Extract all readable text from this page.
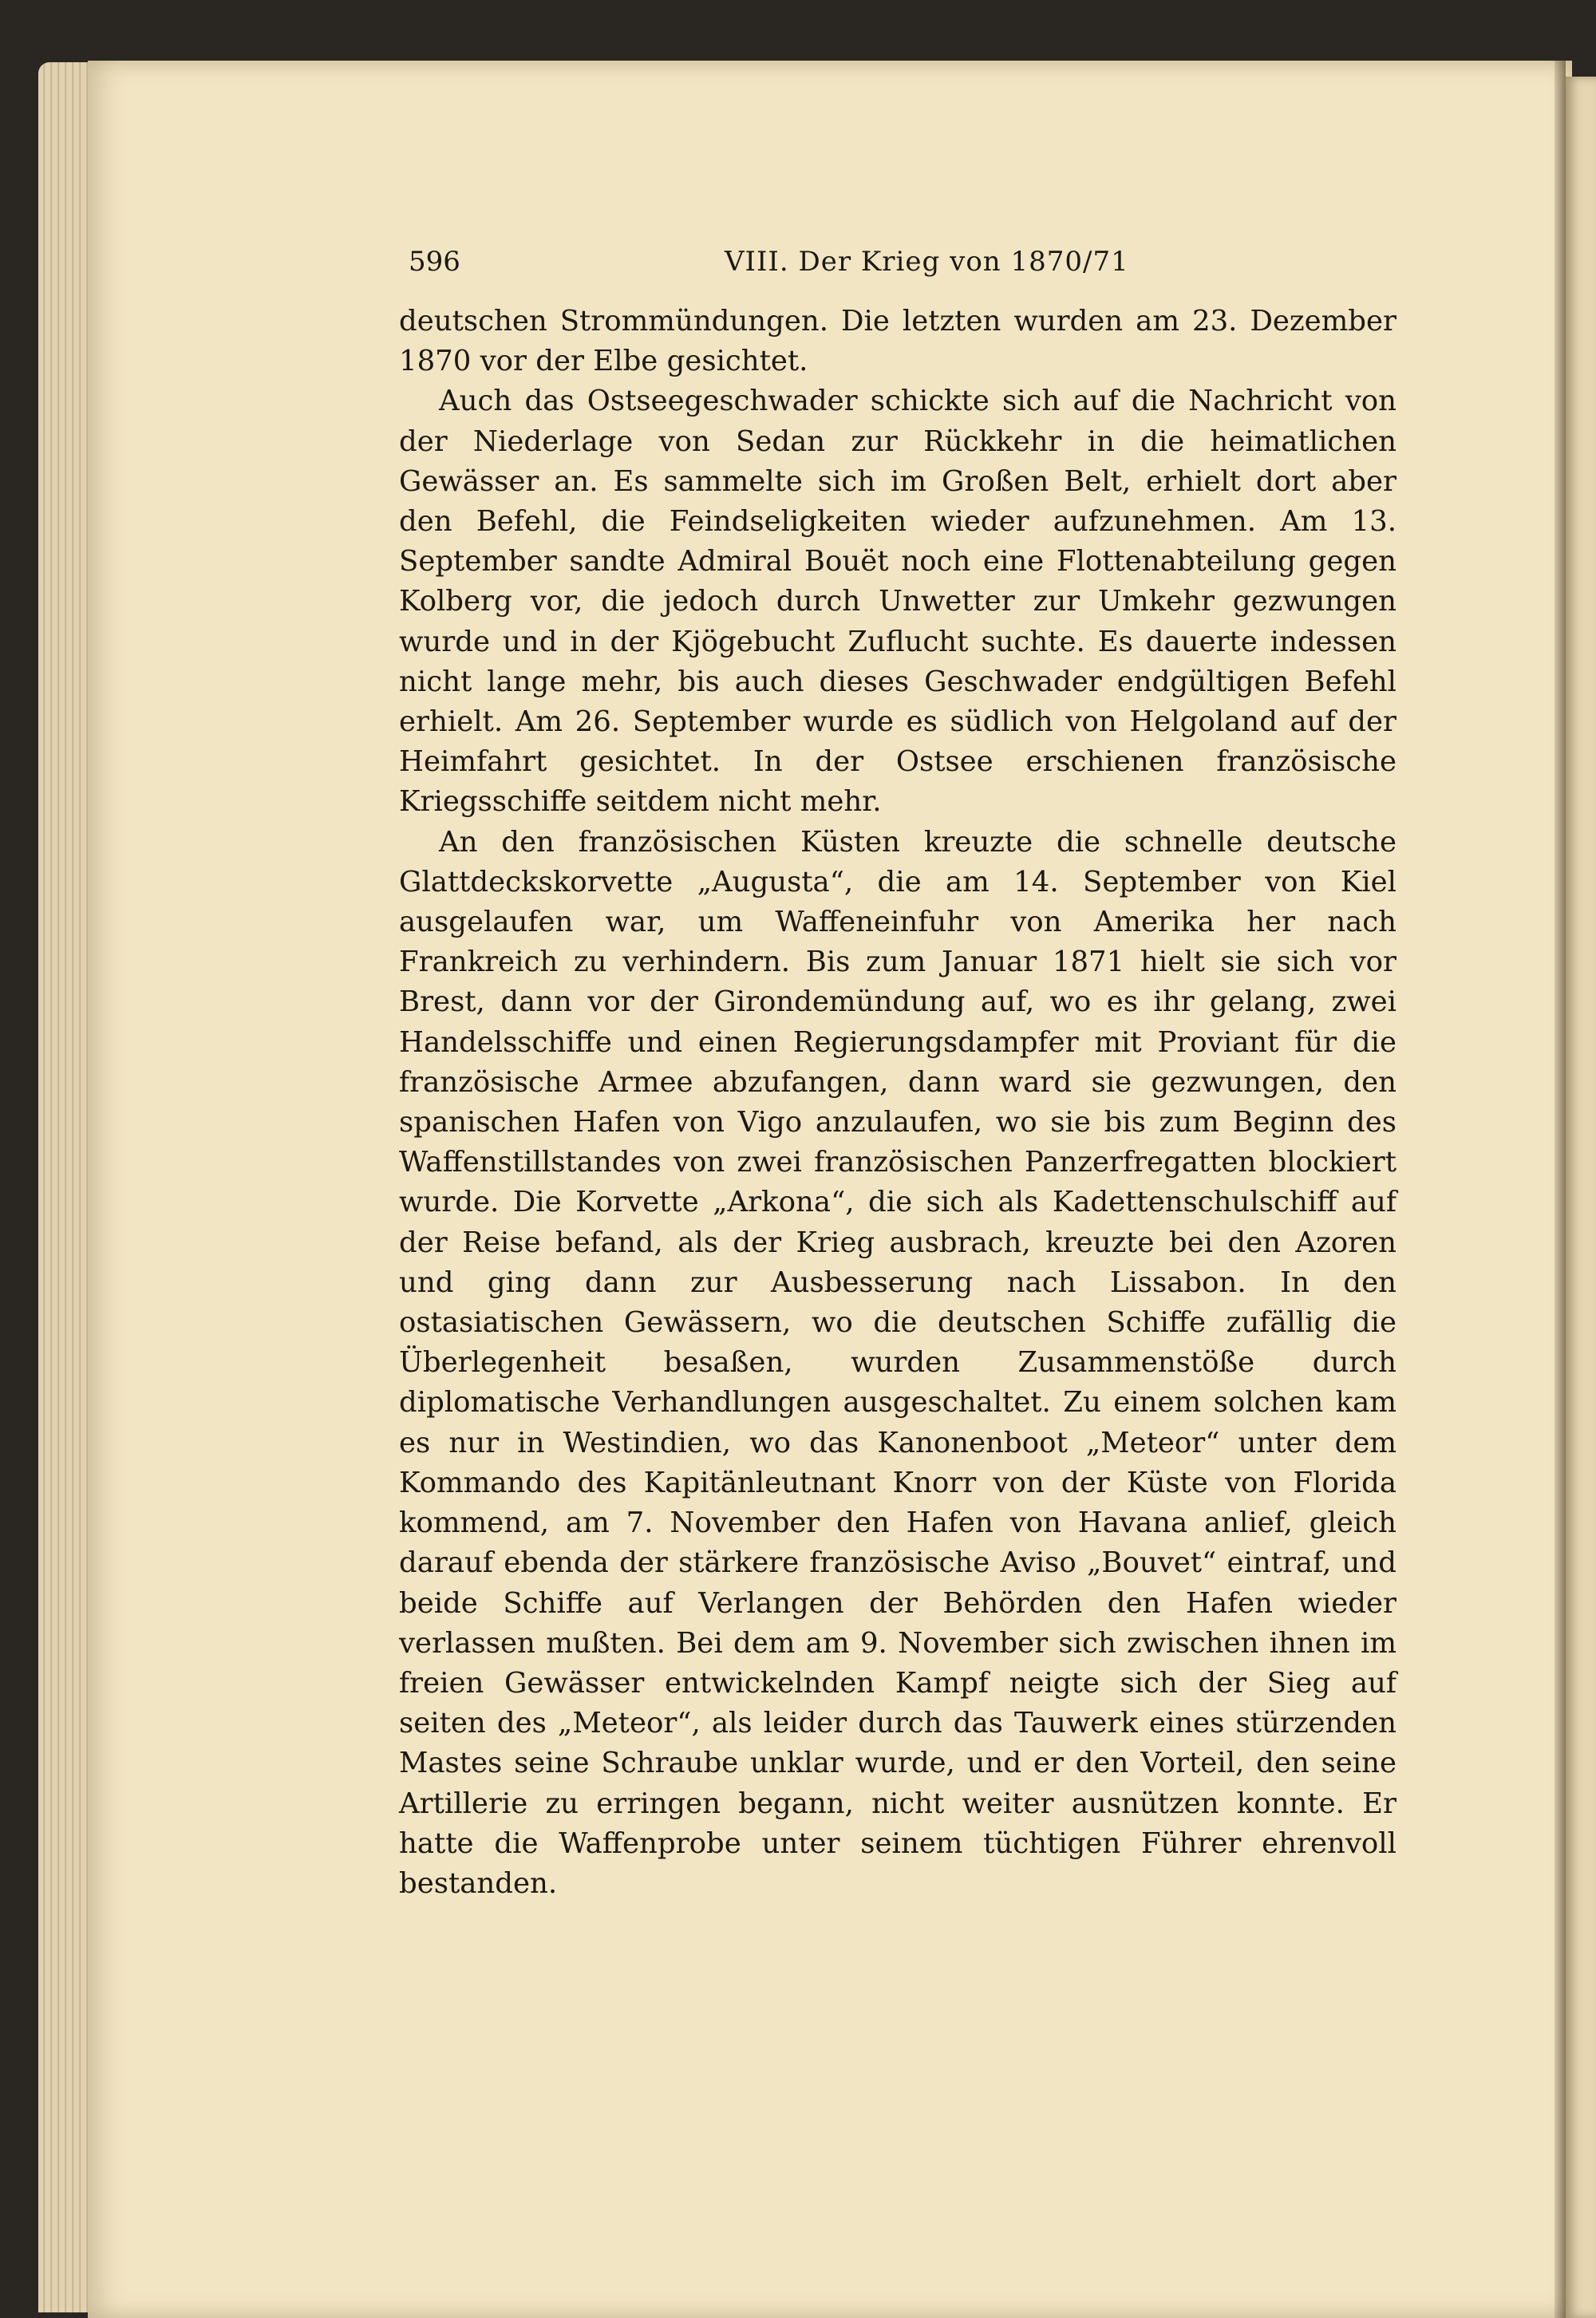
596	VIII. Der Krieg von 1870/71

deutschen Strommündungen. Die letzten wurden am 23. Dezember 1870 vor der Elbe gesichtet.

Auch das Ostseegeschwader schickte sich auf die Nachricht von der Niederlage von Sedan zur Rückkehr in die heimatlichen Gewässer an. Es sammelte sich im Großen Belt, erhielt dort aber den Befehl, die Feindseligkeiten wieder aufzunehmen. Am 13. September sandte Admiral Bouët noch eine Flottenabteilung gegen Kolberg vor, die jedoch durch Unwetter zur Umkehr gezwungen wurde und in der Kjögebucht Zuflucht suchte. Es dauerte indessen nicht lange mehr, bis auch dieses Geschwader endgültigen Befehl erhielt. Am 26. September wurde es südlich von Helgoland auf der Heimfahrt gesichtet. In der Ostsee erschienen französische Kriegsschiffe seitdem nicht mehr.

An den französischen Küsten kreuzte die schnelle deutsche Glattdeckskorvette „Augusta“, die am 14. September von Kiel ausgelaufen war, um Waffeneinfuhr von Amerika her nach Frankreich zu verhindern. Bis zum Januar 1871 hielt sie sich vor Brest, dann vor der Girondemündung auf, wo es ihr gelang, zwei Handelsschiffe und einen Regierungsdampfer mit Proviant für die französische Armee abzufangen, dann ward sie gezwungen, den spanischen Hafen von Vigo anzulaufen, wo sie bis zum Beginn des Waffenstillstandes von zwei französischen Panzerfregatten blockiert wurde. Die Korvette „Arkona“, die sich als Kadettenschulschiff auf der Reise befand, als der Krieg ausbrach, kreuzte bei den Azoren und ging dann zur Ausbesserung nach Lissabon. In den ostasiatischen Gewässern, wo die deutschen Schiffe zufällig die Überlegenheit besaßen, wurden Zusammenstöße durch diplomatische Verhandlungen ausgeschaltet. Zu einem solchen kam es nur in Westindien, wo das Kanonenboot „Meteor“ unter dem Kommando des Kapitänleutnant Knorr von der Küste von Florida kommend, am 7. November den Hafen von Havana anlief, gleich darauf ebenda der stärkere französische Aviso „Bouvet“ eintraf, und beide Schiffe auf Verlangen der Behörden den Hafen wieder verlassen mußten. Bei dem am 9. November sich zwischen ihnen im freien Gewässer entwickelnden Kampf neigte sich der Sieg auf seiten des „Meteor“, als leider durch das Tauwerk eines stürzenden Mastes seine Schraube unklar wurde, und er den Vorteil, den seine Artillerie zu erringen begann, nicht weiter ausnützen konnte. Er hatte die Waffenprobe unter seinem tüchtigen Führer ehrenvoll bestanden.
